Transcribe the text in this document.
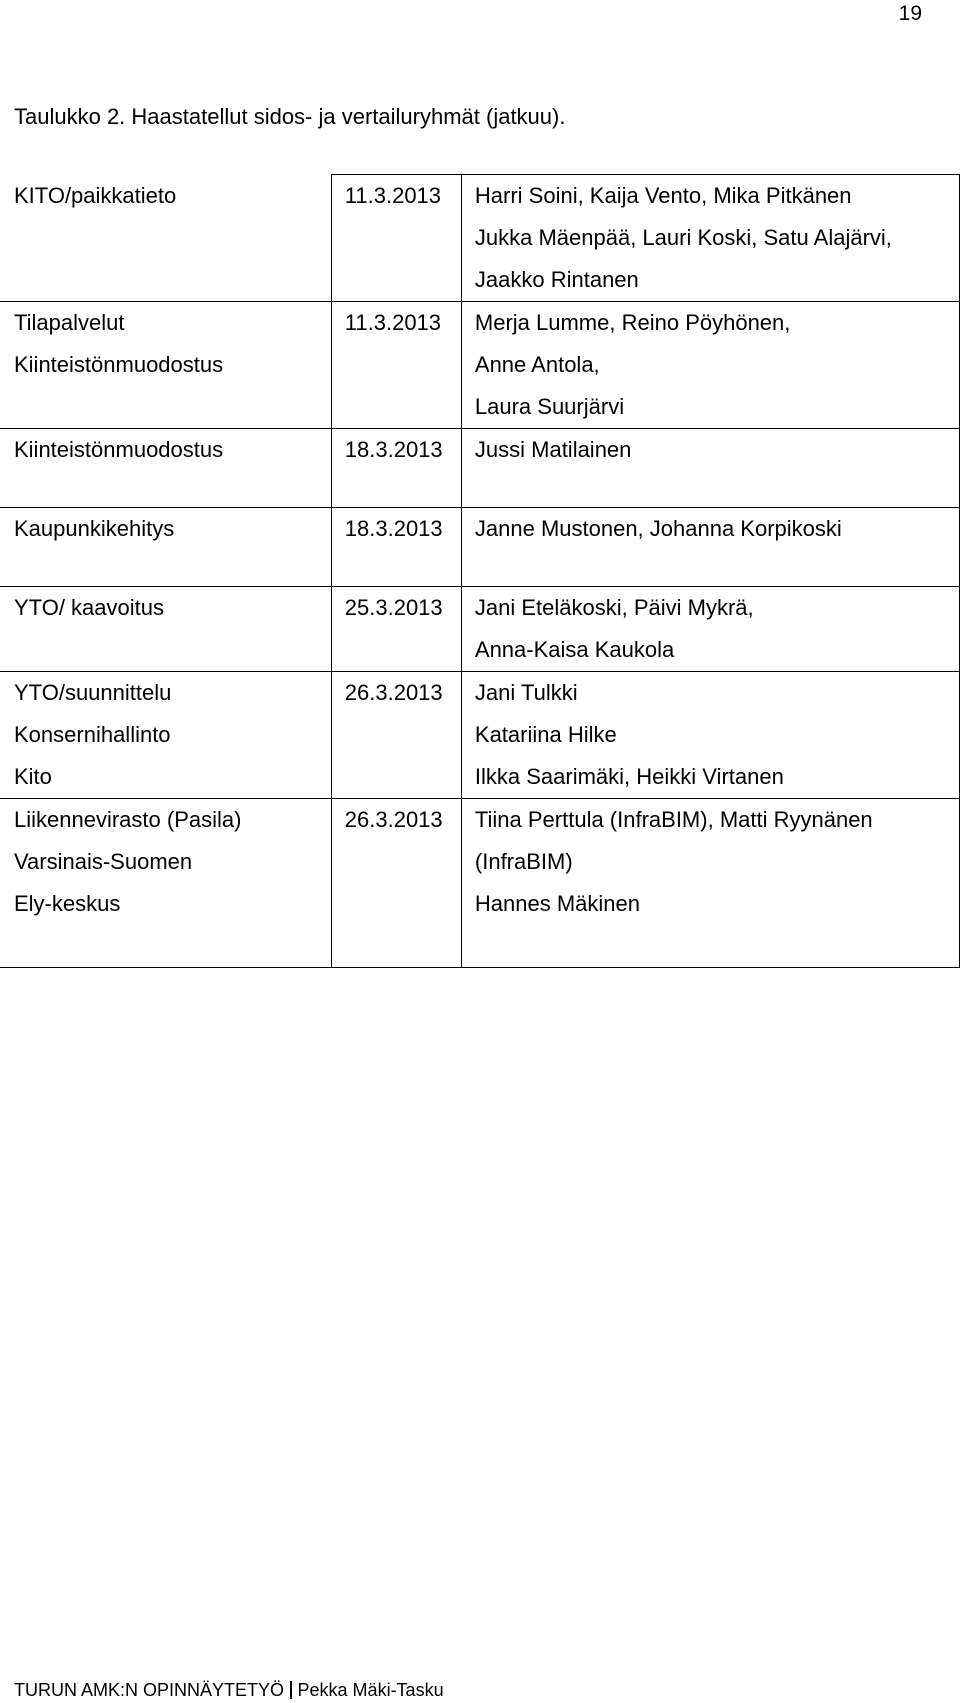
19
Taulukko 2. Haastatellut sidos- ja vertailuryhmät (jatkuu).
KITO/paikkatieto	11.3.2013	Harri Soini, Kaija Vento, Mika Pitkänen
Jukka Mäenpää, Lauri Koski, Satu Alajärvi,
Jaakko Rintanen

Tilapalvelut
Kiinteistönmuodostus	11.3.2013	Merja Lumme, Reino Pöyhönen,
Anne Antola,
Laura Suurjärvi

Kiinteistönmuodostus	18.3.2013	Jussi Matilainen

Kaupunkikehitys	18.3.2013	Janne Mustonen, Johanna Korpikoski

YTO/ kaavoitus	25.3.2013	Jani Eteläkoski, Päivi Mykrä,
Anna-Kaisa Kaukola

YTO/suunnittelu
Konsernihallinto
Kito	26.3.2013	Jani Tulkki
Katariina Hilke
Ilkka Saarimäki, Heikki Virtanen

Liikennevirasto (Pasila)
Varsinais-Suomen
Ely-keskus	26.3.2013	Tiina Perttula (InfraBIM), Matti Ryynänen
(InfraBIM)
Hannes Mäkinen
TURUN AMK:N OPINNÄYTETYÖ Pekka Mäki-Tasku
